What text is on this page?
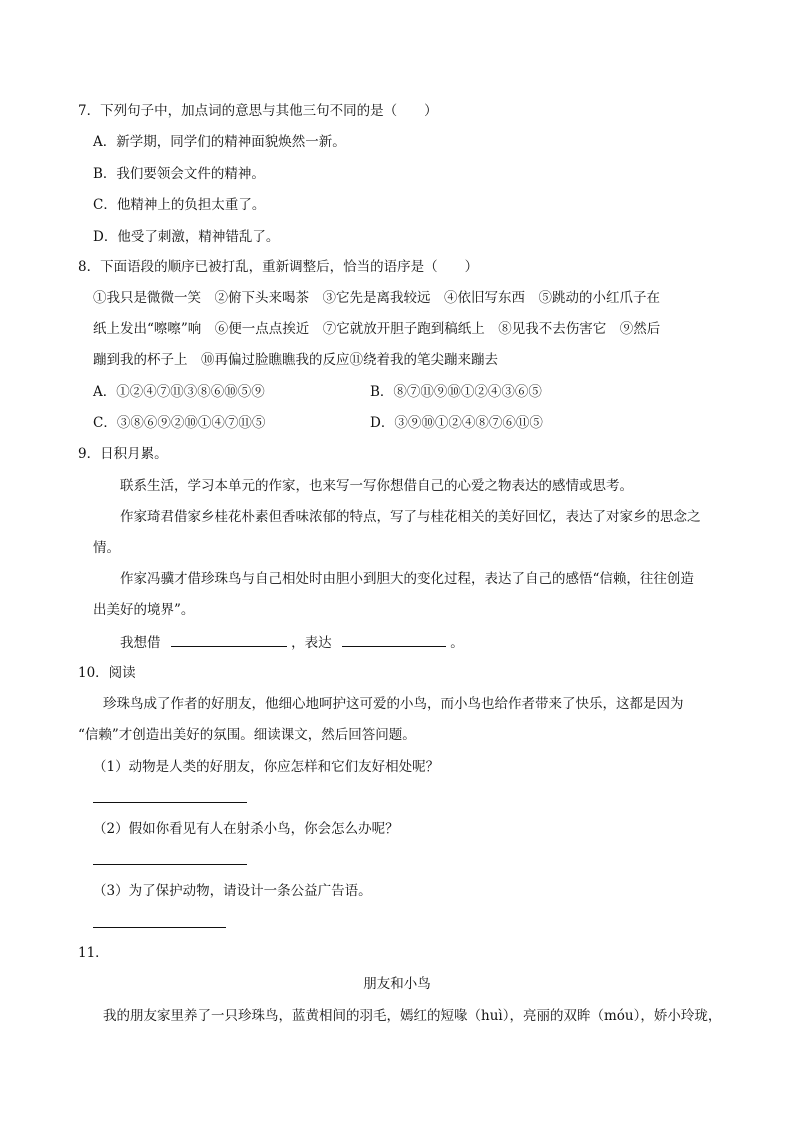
7．下列句子中，加点词的意思与其他三句不同的是（　　）
A．新学期，同学们的精神面貌焕然一新。
B．我们要领会文件的精神。
C．他精神上的负担太重了。
D．他受了刺激，精神错乱了。
8．下面语段的顺序已被打乱，重新调整后，恰当的语序是（　　）
①我只是微微一笑　②俯下头来喝茶　③它先是离我较远　④依旧写东西　⑤跳动的小红爪子在
纸上发出“嚓嚓”响　⑥便一点点挨近　⑦它就放开胆子跑到稿纸上　⑧见我不去伤害它　⑨然后
蹦到我的杯子上　⑩再偏过脸瞧瞧我的反应⑪绕着我的笔尖蹦来蹦去
A．①②④⑦⑪③⑧⑥⑩⑤⑨	B．⑧⑦⑪⑨⑩①②④③⑥⑤
C．③⑧⑥⑨②⑩①④⑦⑪⑤	D．③⑨⑩①②④⑧⑦⑥⑪⑤
9．日积月累。
联系生活，学习本单元的作家，也来写一写你想借自己的心爱之物表达的感情或思考。
作家琦君借家乡桂花朴素但香味浓郁的特点，写了与桂花相关的美好回忆，表达了对家乡的思念之
情。
作家冯骥才借珍珠鸟与自己相处时由胆小到胆大的变化过程，表达了自己的感悟“信赖，往往创造
出美好的境界”。
我想借	，表达	。
10．阅读
珍珠鸟成了作者的好朋友，他细心地呵护这可爱的小鸟，而小鸟也给作者带来了快乐，这都是因为
“信赖”才创造出美好的氛围。细读课文，然后回答问题。
（1）动物是人类的好朋友，你应怎样和它们友好相处呢？
（2）假如你看见有人在射杀小鸟，你会怎么办呢？
（3）为了保护动物，请设计一条公益广告语。
11．
朋友和小鸟
我的朋友家里养了一只珍珠鸟，蓝黄相间的羽毛，嫣红的短喙（huì），亮丽的双眸（móu），娇小玲珑，
